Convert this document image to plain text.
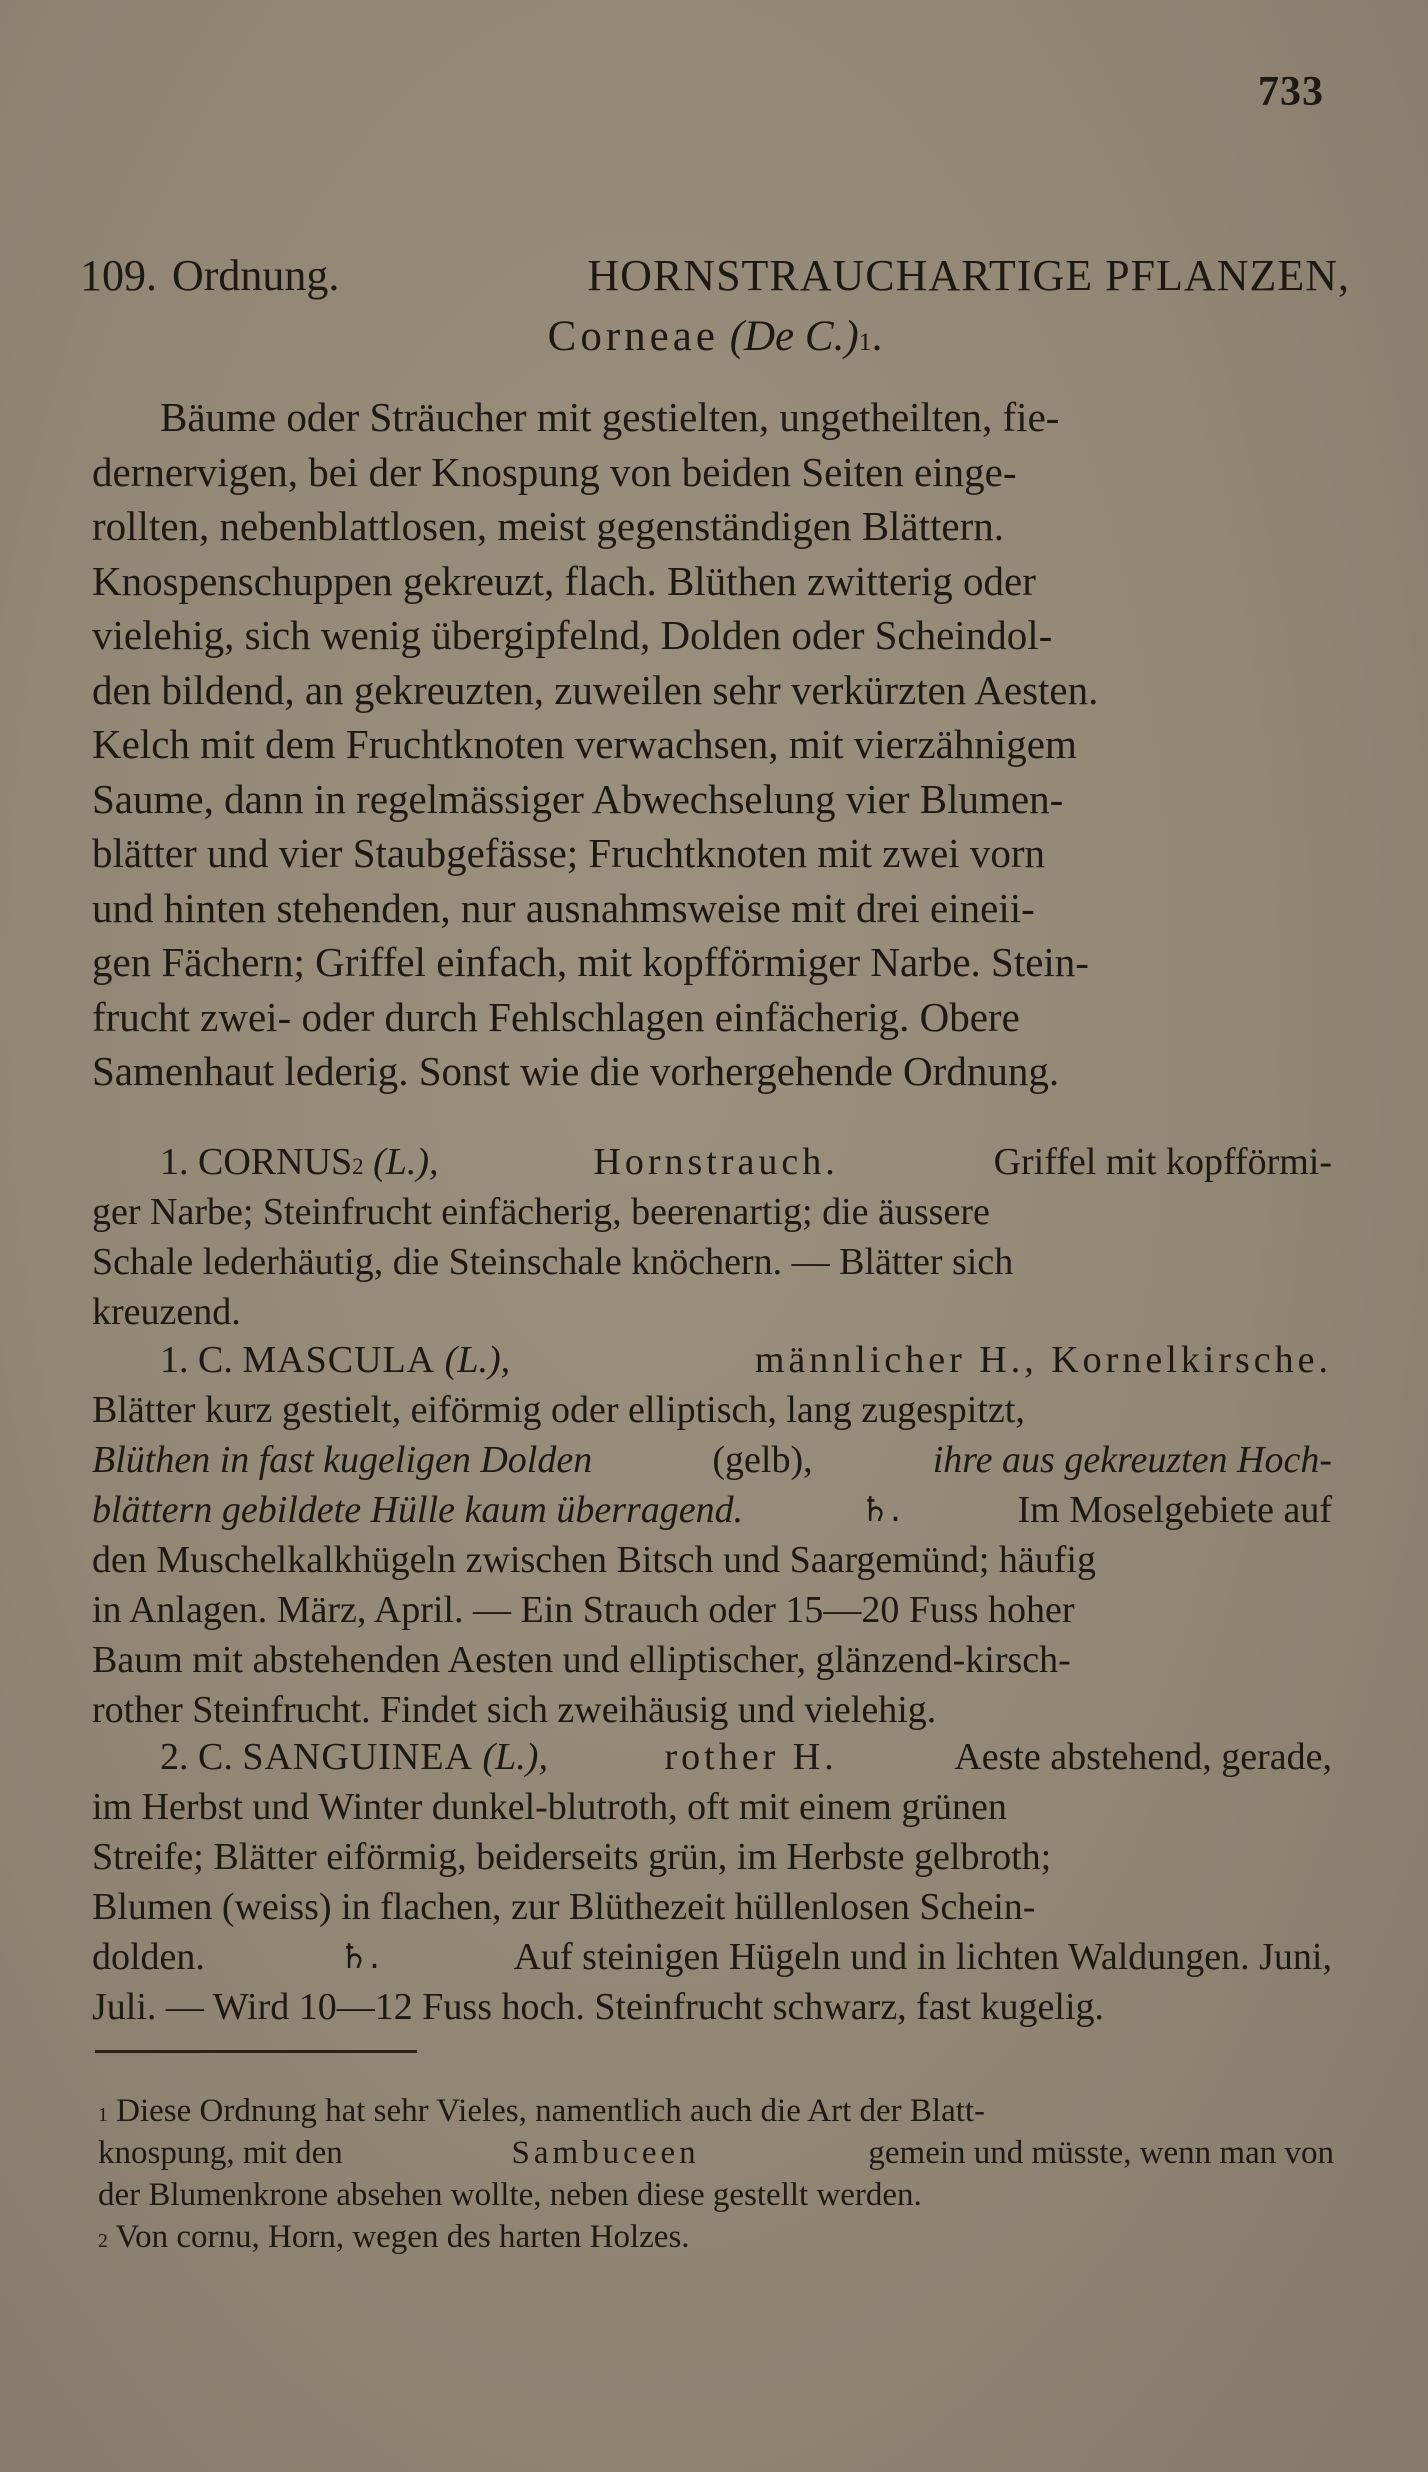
733
109. Ordnung.	HORNSTRAUCHARTIGE PFLANZEN,
Corneae (De C.)$^1$.
Bäume oder Sträucher mit gestielten, ungetheilten, fie-
dernervigen, bei der Knospung von beiden Seiten einge-
rollten, nebenblattlosen, meist gegenständigen Blättern.
Knospenschuppen gekreuzt, flach. Blüthen zwitterig oder
vielehig, sich wenig übergipfelnd, Dolden oder Scheindol-
den bildend, an gekreuzten, zuweilen sehr verkürzten Aesten.
Kelch mit dem Fruchtknoten verwachsen, mit vierzähnigem
Saume, dann in regelmässiger Abwechselung vier Blumen-
blätter und vier Staubgefässe; Fruchtknoten mit zwei vorn
und hinten stehenden, nur ausnahmsweise mit drei eineii-
gen Fächern; Griffel einfach, mit kopfförmiger Narbe. Stein-
frucht zwei- oder durch Fehlschlagen einfächerig. Obere
Samenhaut lederig. Sonst wie die vorhergehende Ordnung.
1. CORNUS$^2$ (L.),	Hornstrauch.	Griffel mit kopfförmi-
ger Narbe; Steinfrucht einfächerig, beerenartig; die äussere
Schale lederhäutig, die Steinschale knöchern. — Blätter sich
kreuzend.
1. C. MASCULA (L.),	männlicher H., Kornelkirsche.
Blätter kurz gestielt, eiförmig oder elliptisch, lang zugespitzt,
Blüthen in fast kugeligen Dolden	(gelb),	ihre aus gekreuzten Hoch-
blättern gebildete Hülle kaum überragend.	♄.	Im Moselgebiete auf
den Muschelkalkhügeln zwischen Bitsch und Saargemünd; häufig
in Anlagen. März, April. — Ein Strauch oder 15—20 Fuss hoher
Baum mit abstehenden Aesten und elliptischer, glänzend-kirsch-
rother Steinfrucht. Findet sich zweihäusig und vielehig.
2. C. SANGUINEA (L.),	rother H.	Aeste abstehend, gerade,
im Herbst und Winter dunkel-blutroth, oft mit einem grünen
Streife; Blätter eiförmig, beiderseits grün, im Herbste gelbroth;
Blumen (weiss) in flachen, zur Blüthezeit hüllenlosen Schein-
dolden.	♄.	Auf steinigen Hügeln und in lichten Waldungen. Juni,
Juli. — Wird 10—12 Fuss hoch. Steinfrucht schwarz, fast kugelig.
$^1$ Diese Ordnung hat sehr Vieles, namentlich auch die Art der Blatt-
knospung, mit den	Sambuceen	gemein und müsste, wenn man von
der Blumenkrone absehen wollte, neben diese gestellt werden.
$^2$ Von cornu, Horn, wegen des harten Holzes.
